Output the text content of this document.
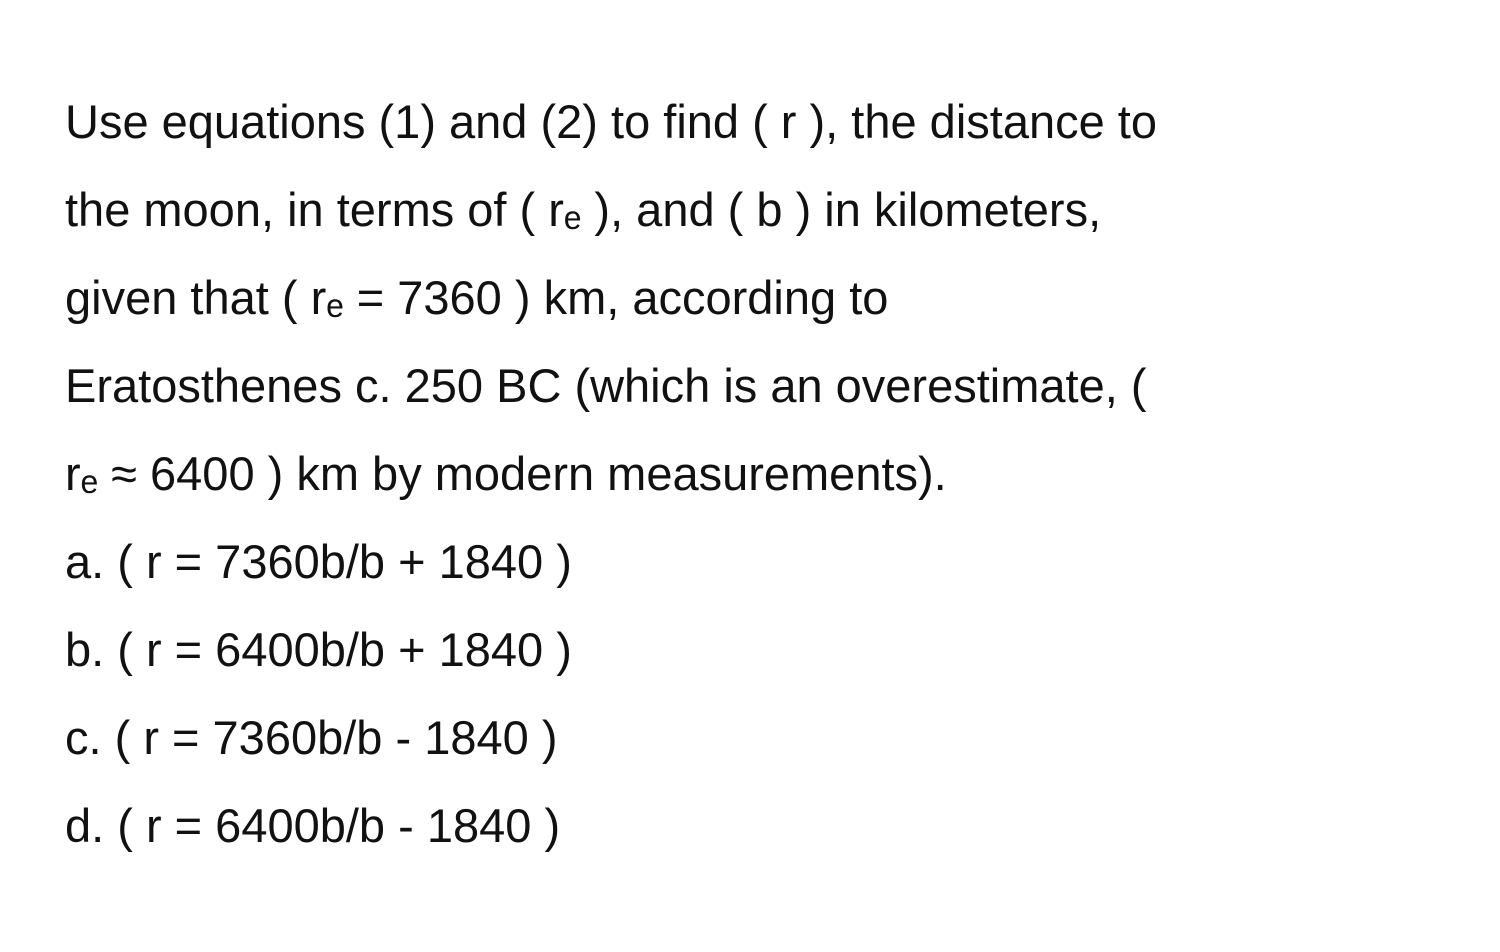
Use equations (1) and (2) to find ( r ), the distance to
the moon, in terms of ( rₑ ), and ( b ) in kilometers,
given that ( rₑ = 7360 ) km, according to
Eratosthenes c. 250 BC (which is an overestimate, (
rₑ ≈ 6400 ) km by modern measurements).
a. ( r = 7360b/b + 1840 )
b. ( r = 6400b/b + 1840 )
c. ( r = 7360b/b - 1840 )
d. ( r = 6400b/b - 1840 )
